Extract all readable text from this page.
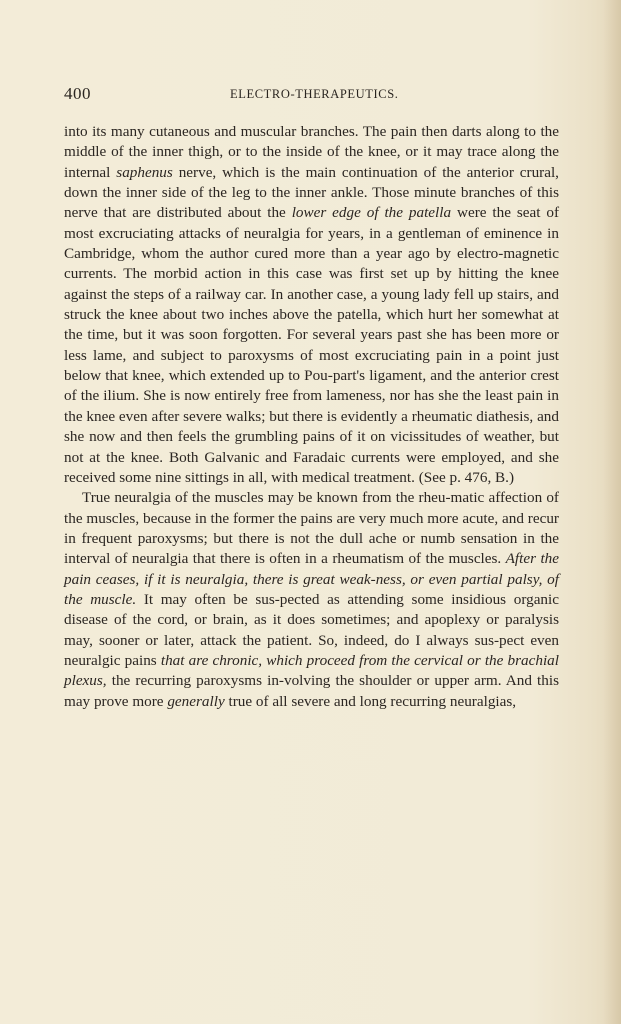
400	ELECTRO-THERAPEUTICS.

into its many cutaneous and muscular branches. The pain then darts along to the middle of the inner thigh, or to the inside of the knee, or it may trace along the internal saphenus nerve, which is the main continuation of the anterior crural, down the inner side of the leg to the inner ankle. Those minute branches of this nerve that are distributed about the lower edge of the patella were the seat of most excruciating attacks of neuralgia for years, in a gentleman of eminence in Cambridge, whom the author cured more than a year ago by electro-magnetic currents. The morbid action in this case was first set up by hitting the knee against the steps of a railway car. In another case, a young lady fell up stairs, and struck the knee about two inches above the patella, which hurt her somewhat at the time, but it was soon forgotten. For several years past she has been more or less lame, and subject to paroxysms of most excruciating pain in a point just below that knee, which extended up to Pou-part's ligament, and the anterior crest of the ilium. She is now entirely free from lameness, nor has she the least pain in the knee even after severe walks; but there is evidently a rheumatic diathesis, and she now and then feels the grumbling pains of it on vicissitudes of weather, but not at the knee. Both Galvanic and Faradaic currents were employed, and she received some nine sittings in all, with medical treatment. (See p. 476, B.)

True neuralgia of the muscles may be known from the rheu-matic affection of the muscles, because in the former the pains are very much more acute, and recur in frequent paroxysms; but there is not the dull ache or numb sensation in the interval of neuralgia that there is often in a rheumatism of the muscles. After the pain ceases, if it is neuralgia, there is great weak-ness, or even partial palsy, of the muscle. It may often be sus-pected as attending some insidious organic disease of the cord, or brain, as it does sometimes; and apoplexy or paralysis may, sooner or later, attack the patient. So, indeed, do I always sus-pect even neuralgic pains that are chronic, which proceed from the cervical or the brachial plexus, the recurring paroxysms in-volving the shoulder or upper arm. And this may prove more generally true of all severe and long recurring neuralgias,
